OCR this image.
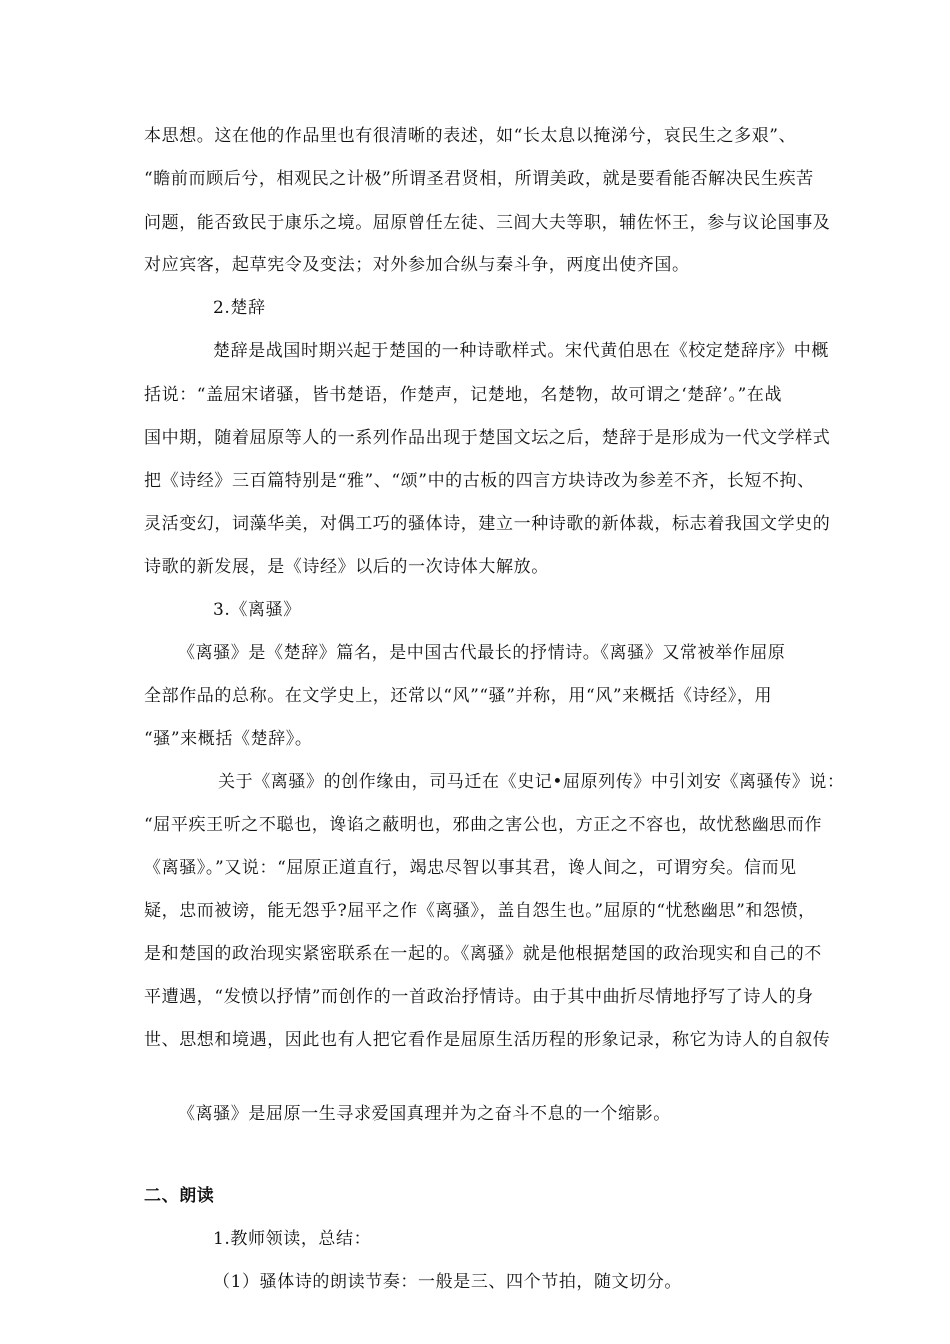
本思想。这在他的作品里也有很清晰的表述，如“长太息以掩涕兮，哀民生之多艰”、
“瞻前而顾后兮，相观民之计极”所谓圣君贤相，所谓美政，就是要看能否解决民生疾苦
问题，能否致民于康乐之境。屈原曾任左徒、三闾大夫等职，辅佐怀王，参与议论国事及
对应宾客，起草宪令及变法；对外参加合纵与秦斗争，两度出使齐国。
2.楚辞
楚辞是战国时期兴起于楚国的一种诗歌样式。宋代黄伯思在《校定楚辞序》中概
括说：“盖屈宋诸骚，皆书楚语，作楚声，记楚地，名楚物，故可谓之‘楚辞’。”在战
国中期，随着屈原等人的一系列作品出现于楚国文坛之后，楚辞于是形成为一代文学样式
把《诗经》三百篇特别是“雅”、“颂”中的古板的四言方块诗改为参差不齐，长短不拘、
灵活变幻，词藻华美，对偶工巧的骚体诗，建立一种诗歌的新体裁，标志着我国文学史的
诗歌的新发展，是《诗经》以后的一次诗体大解放。
3.《离骚》
《离骚》是《楚辞》篇名，是中国古代最长的抒情诗。《离骚》又常被举作屈原
全部作品的总称。在文学史上，还常以“风”“骚”并称，用“风”来概括《诗经》，用
“骚”来概括《楚辞》。
关于《离骚》的创作缘由，司马迁在《史记•屈原列传》中引刘安《离骚传》说：
“屈平疾王听之不聪也，谗谄之蔽明也，邪曲之害公也，方正之不容也，故忧愁幽思而作
《离骚》。”又说：“屈原正道直行，竭忠尽智以事其君，谗人间之，可谓穷矣。信而见
疑，忠而被谤，能无怨乎?屈平之作《离骚》，盖自怨生也。”屈原的“忧愁幽思”和怨愤，
是和楚国的政治现实紧密联系在一起的。《离骚》就是他根据楚国的政治现实和自己的不
平遭遇，“发愤以抒情”而创作的一首政治抒情诗。由于其中曲折尽情地抒写了诗人的身
世、思想和境遇，因此也有人把它看作是屈原生活历程的形象记录，称它为诗人的自叙传
《离骚》是屈原一生寻求爱国真理并为之奋斗不息的一个缩影。
二、朗读
1.教师领读，总结：
（1）骚体诗的朗读节奏：一般是三、四个节拍，随文切分。
